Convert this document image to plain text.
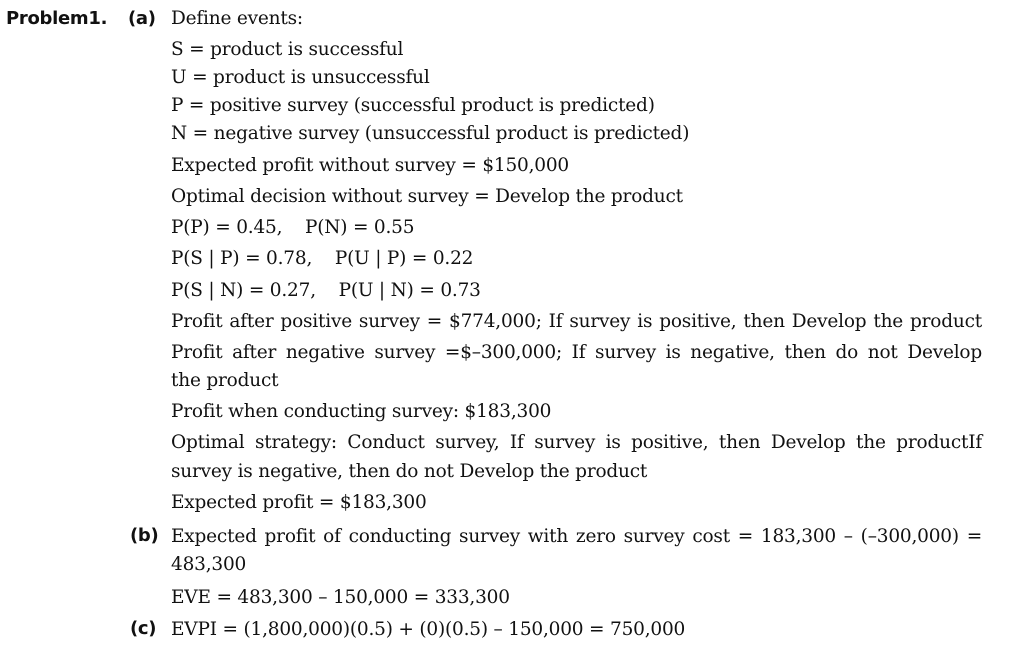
Problem1. (a)
(b)
(c)
Define events:
S = product is successful
U = product is unsuccessful
P = positive survey (successful product is predicted)
N = negative survey (unsuccessful product is predicted)
Expected profit without survey = $150,000
Optimal decision without survey = Develop the product
P(P) = 0.45,    P(N) = 0.55
P(S | P) = 0.78,    P(U | P) = 0.22
P(S | N) = 0.27,    P(U | N) = 0.73
Profit after positive survey = $774,000; If survey is positive, then Develop the product
Profit after negative survey =$–300,000; If survey is negative, then do not Develop
the product
Profit when conducting survey: $183,300
Optimal strategy: Conduct survey, If survey is positive, then Develop the productIf
survey is negative, then do not Develop the product
Expected profit = $183,300
Expected profit of conducting survey with zero survey cost = 183,300 – (–300,000) =
483,300
EVE = 483,300 – 150,000 = 333,300
EVPI = (1,800,000)(0.5) + (0)(0.5) – 150,000 = 750,000
